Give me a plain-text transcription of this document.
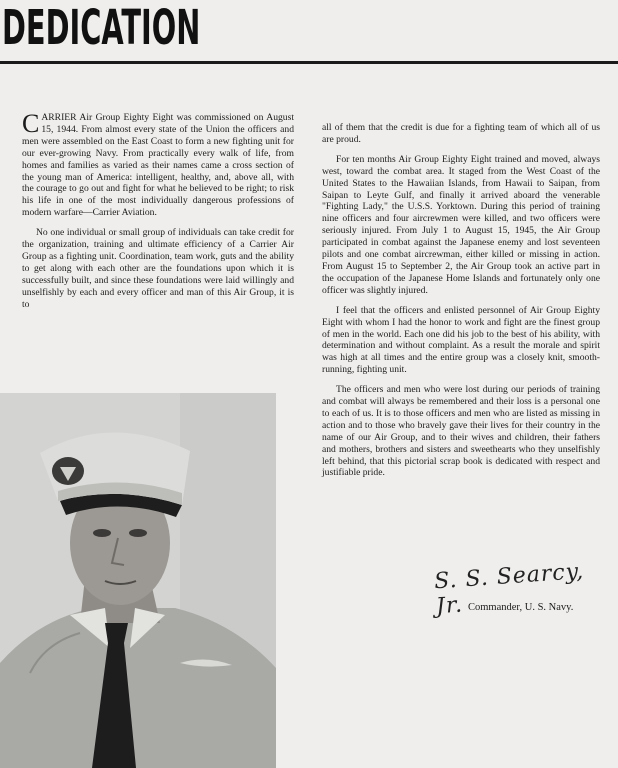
DEDICATION

CARRIER Air Group Eighty Eight was commissioned on August 15, 1944. From almost every state of the Union the officers and men were assembled on the East Coast to form a new fighting unit for our ever-growing Navy. From practically every walk of life, from homes and families as varied as their names came a cross section of the young man of America: intelligent, healthy, and, above all, with the courage to go out and fight for what he believed to be right; to risk his life in one of the most individually dangerous professions of modern warfare—Carrier Aviation.

No one individual or small group of individuals can take credit for the organization, training and ultimate efficiency of a Carrier Air Group as a fighting unit. Coordination, team work, guts and the ability to get along with each other are the foundations upon which it is successfully built, and since these foundations were laid willingly and unselfishly by each and every officer and man of this Air Group, it is to

all of them that the credit is due for a fighting team of which all of us are proud.

For ten months Air Group Eighty Eight trained and moved, always west, toward the combat area. It staged from the West Coast of the United States to the Hawaiian Islands, from Hawaii to Saipan, from Saipan to Leyte Gulf, and finally it arrived aboard the venerable "Fighting Lady," the U.S.S. Yorktown. During this period of training nine officers and four aircrewmen were killed, and two officers were seriously injured. From July 1 to August 15, 1945, the Air Group participated in combat against the Japanese enemy and lost seventeen pilots and one combat aircrewman, either killed or missing in action. From August 15 to September 2, the Air Group took an active part in the occupation of the Japanese Home Islands and fortunately only one officer was slightly injured.

I feel that the officers and enlisted personnel of Air Group Eighty Eight with whom I had the honor to work and fight are the finest group of men in the world. Each one did his job to the best of his ability, with determination and without complaint. As a result the morale and spirit was high at all times and the entire group was a closely knit, smooth-running, fighting unit.

The officers and men who were lost during our periods of training and combat will always be remembered and their loss is a personal one to each of us. It is to those officers and men who are listed as missing in action and to those who bravely gave their lives for their country in the name of our Air Group, and to their wives and children, their fathers and mothers, brothers and sisters and sweethearts who they unselfishly left behind, that this pictorial scrap book is dedicated with respect and justifiable pride.

S. S. Searcy, Jr. Commander, U. S. Navy.
